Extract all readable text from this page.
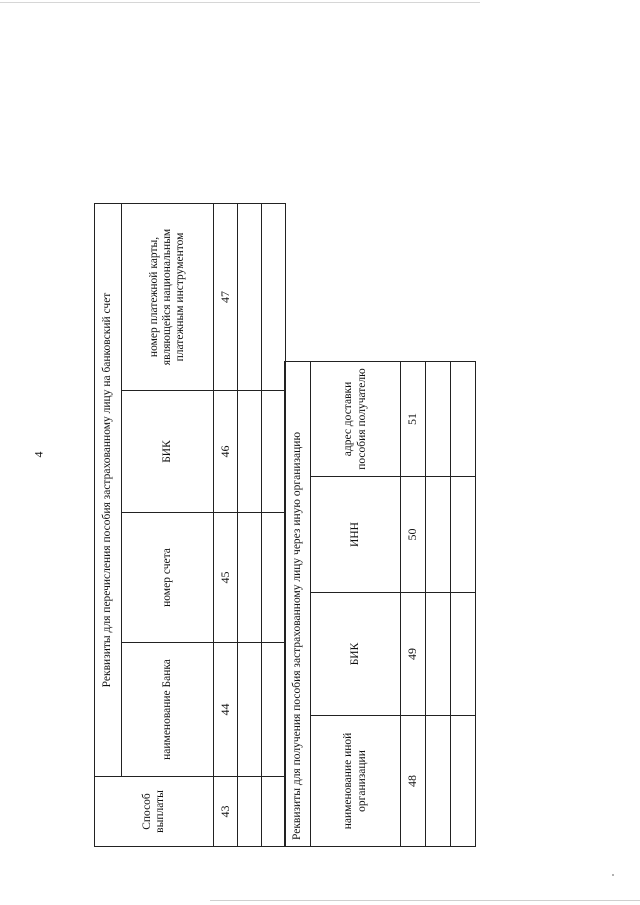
4
Способ выплаты	Реквизиты для перечисления пособия застрахованному лицу на банковский счет			
	наименование Банка	номер счета	БИК	номер платежной карты, являющейся национальным платежным инструментом
43	44	45	46	47

Реквизиты для получения пособия застрахованному лицу через иную организацию			
наименование иной организации	БИК	ИНН	адрес доставки пособия получателю
48	49	50	51
